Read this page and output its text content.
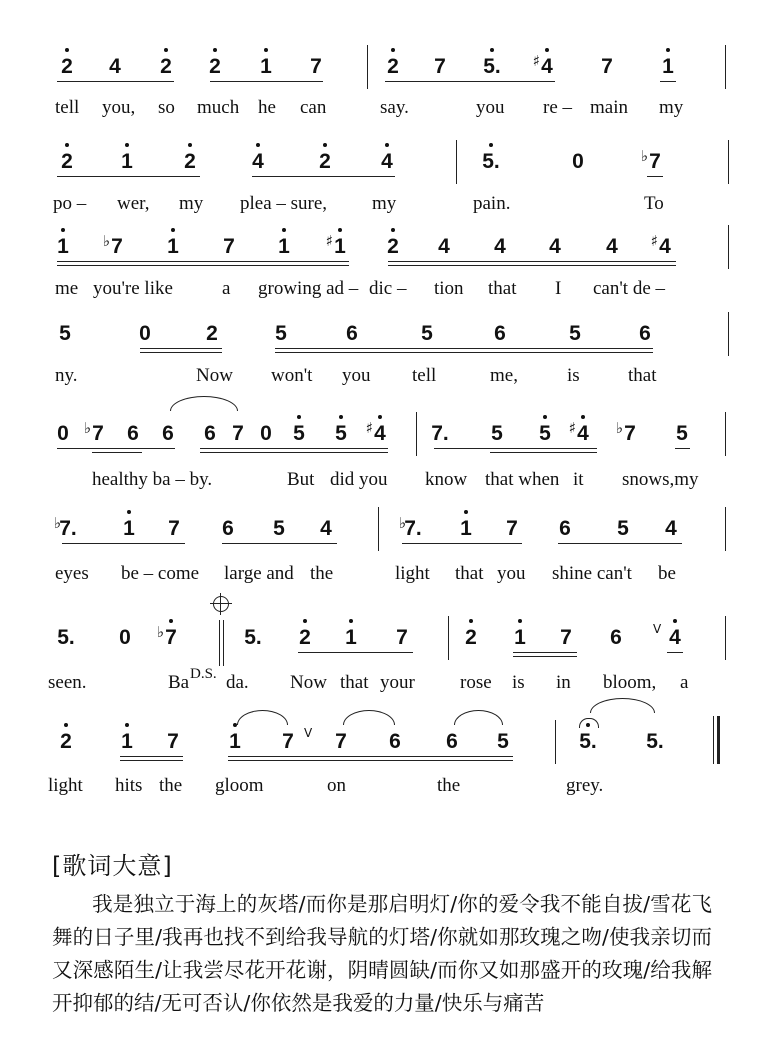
2 4 2 2 1 7	2 7 5. 4
♯	7 1
tell you, so much he can	say.	you re – main my
2 1 2	4	2 4	5.	0	7
♭
po – wer, my plea – sure, my	pain.	To
1 7
♭	1 7 1 1
♯	2 4 4 4 4 4
♯
me you're like	a growing ad – dic – tion that I can't de –
5	0	2	5	6	5	6	5	6
ny.	Now won't you tell	me,	is	that
0 7
♭ 6 6 6 7 0 5 5 4
♯	7. 5 5 4
♯ 7
♭	5
healthy ba – by.	But did you know that when it snows,my
7.
♭	1 7 6 5 4	7.
♭	1 7 6 5 4
eyes be – come large and the	light that you shine can't be
5. 0 7
♭	5. 2 1 7	2 1 7 6 4
V
seen.	Ba da. Now that your rose is in bloom, a
D.S.
2 1 7 1 7 7 6 6 5	5. 5.
V
light hits the gloom	on	the	grey.
[歌词大意]
我是独立于海上的灰塔/而你是那启明灯/你的爱令我不能自拔/雪花飞舞的日子里/我再也找不到给我导航的灯塔/你就如那玫瑰之吻/使我亲切而又深感陌生/让我尝尽花开花谢，阴晴圆缺/而你又如那盛开的玫瑰/给我解开抑郁的结/无可否认/你依然是我爱的力量/快乐与痛苦
